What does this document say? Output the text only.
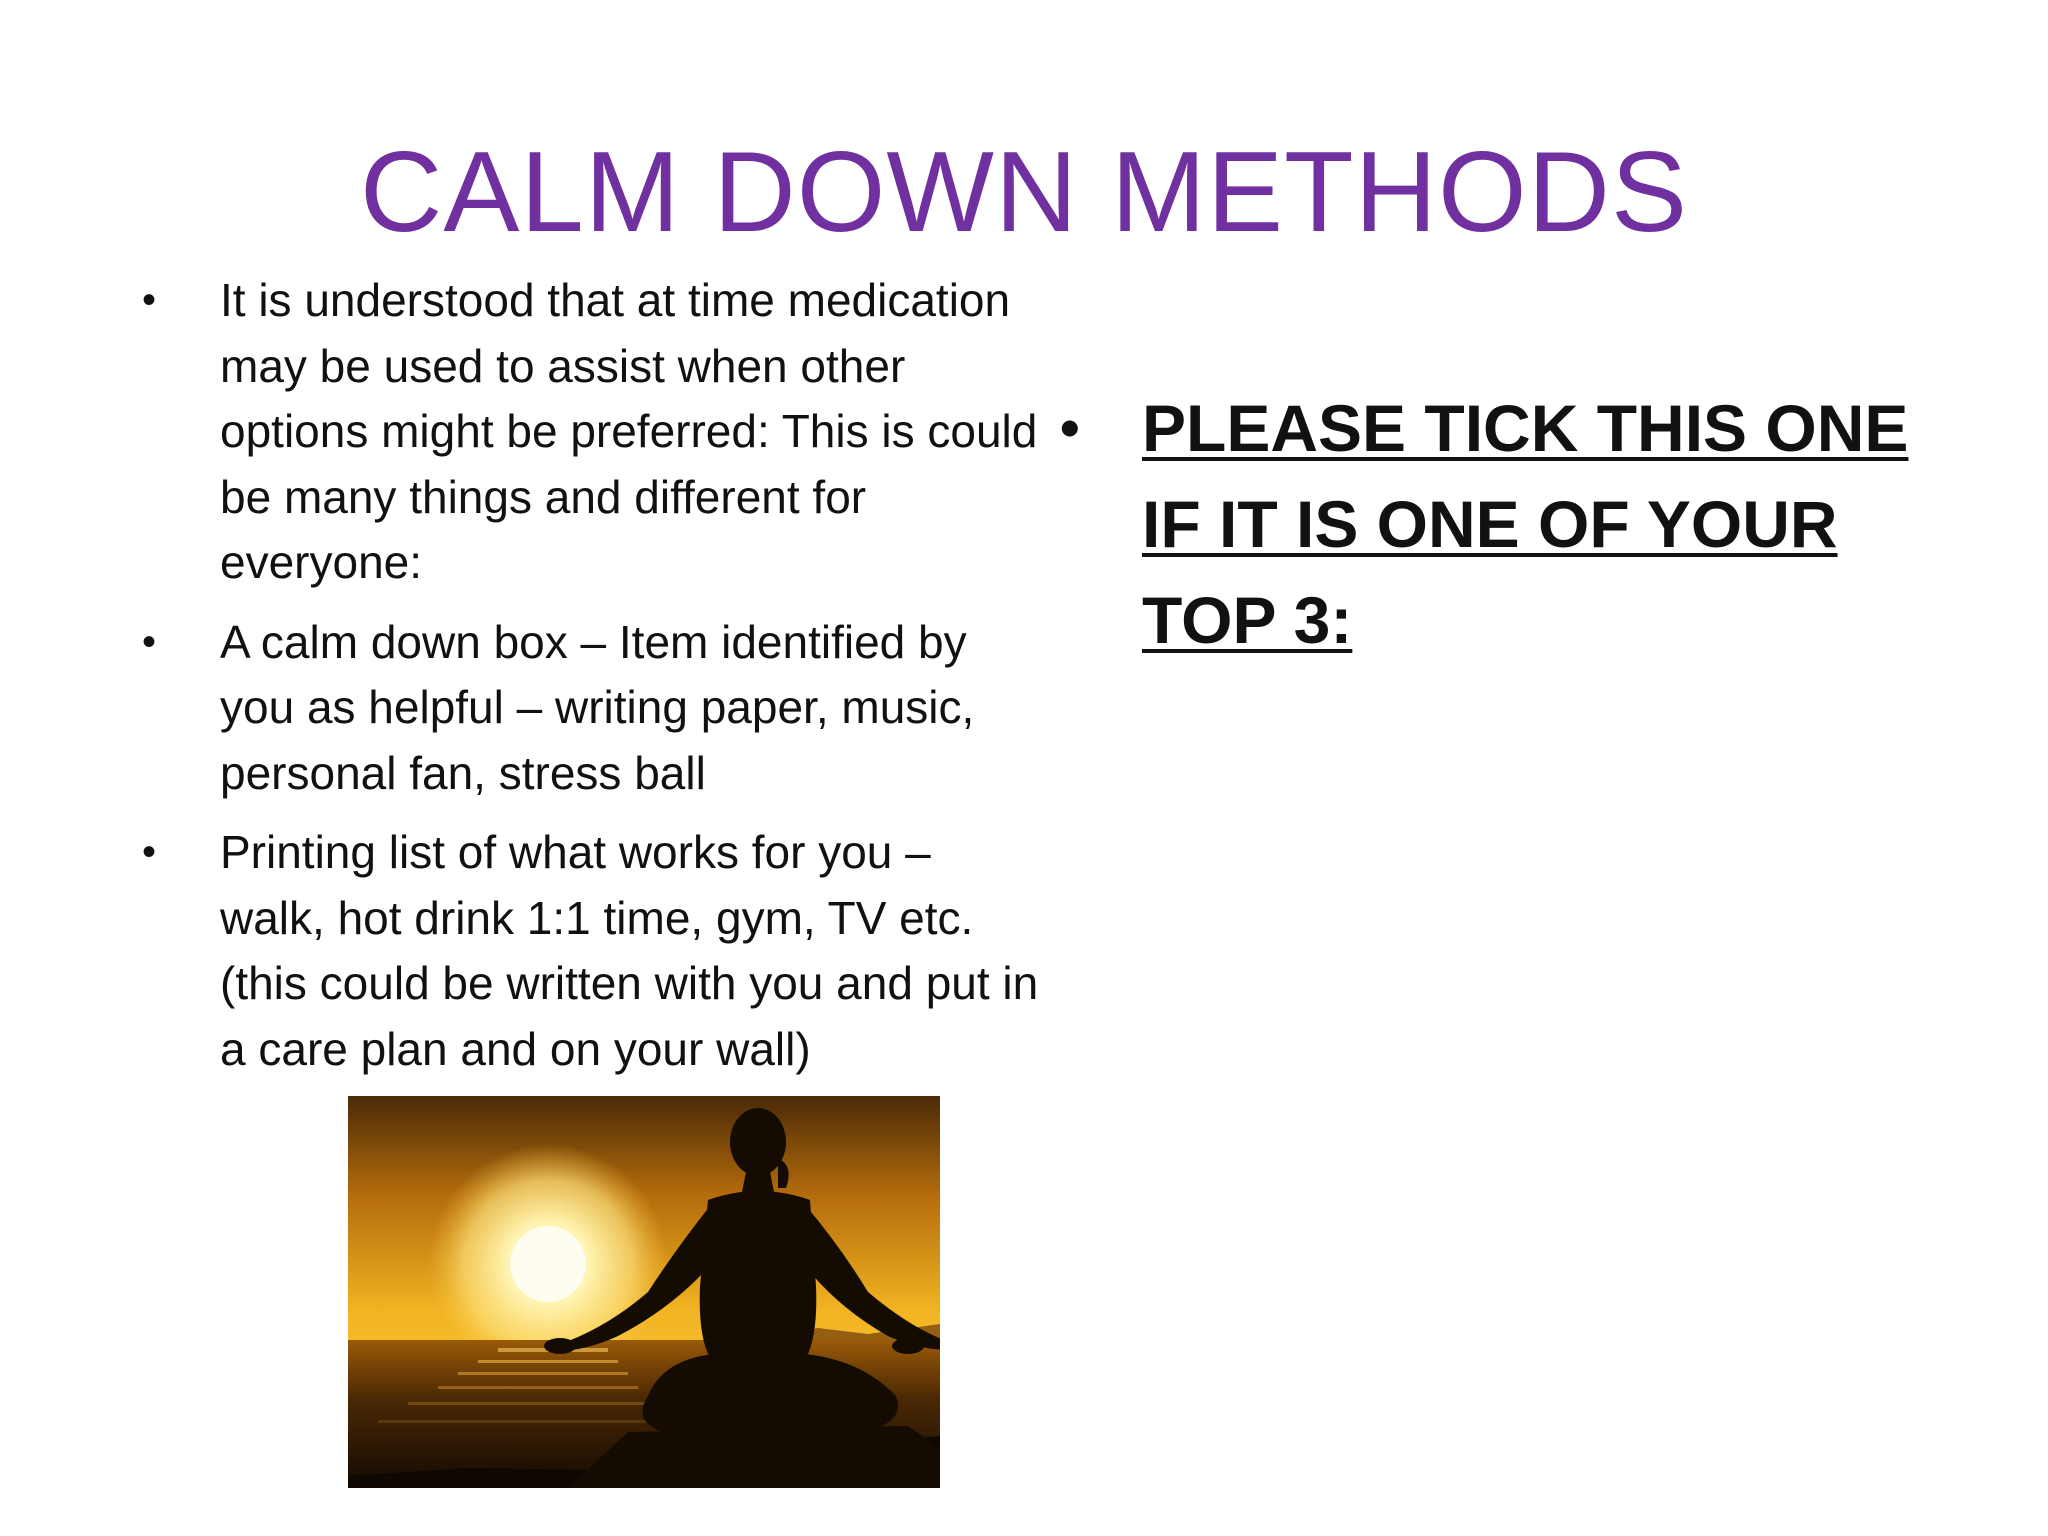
CALM DOWN METHODS
• It is understood that at time medication may be used to assist when other options might be preferred: This is could be many things and different for everyone:
• A calm down box – Item identified by you as helpful – writing paper, music, personal fan, stress ball
• Printing list of what works for you – walk, hot drink 1:1 time, gym, TV etc. (this could be written with you and put in a care plan and on your wall)
• PLEASE TICK THIS ONE IF IT IS ONE OF YOUR TOP 3:
